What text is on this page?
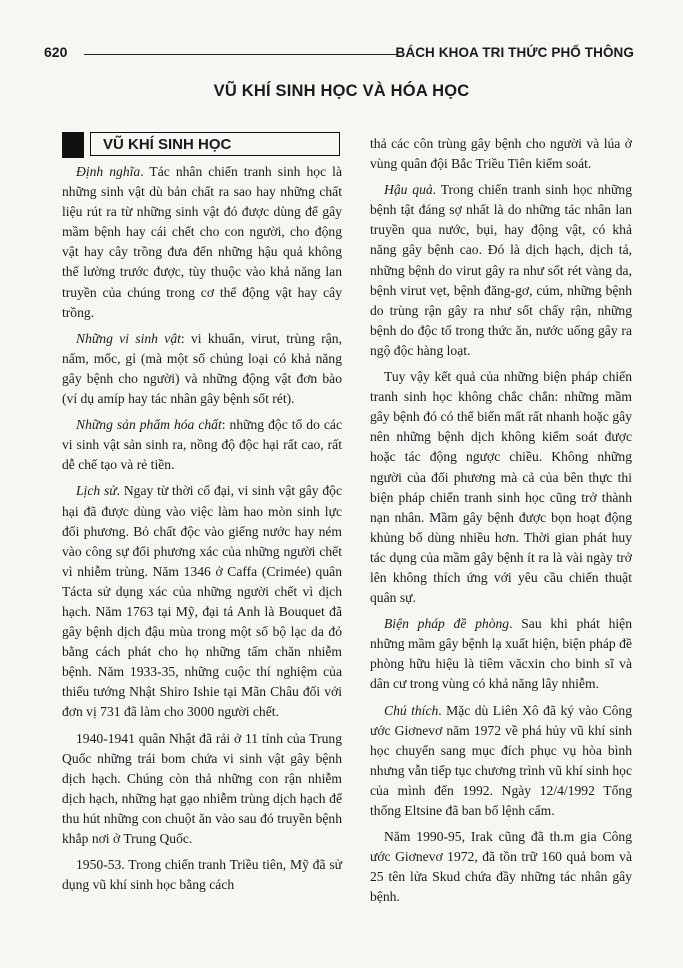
620	BÁCH KHOA TRI THỨC PHỔ THÔNG
VŨ KHÍ SINH HỌC VÀ HÓA HỌC
VŨ KHÍ SINH HỌC

Định nghĩa. Tác nhân chiến tranh sinh học là những sinh vật dù bản chất ra sao hay những chất liệu rút ra từ những sinh vật đó được dùng để gây mầm bệnh hay cái chết cho con người, cho động vật hay cây trồng đưa đến những hậu quả không thể lường trước được, tùy thuộc vào khả năng lan truyền của chúng trong cơ thể động vật hay cây trồng.

Những vi sinh vật: vi khuẩn, virut, trùng rận, nấm, mốc, gỉ (mà một số chủng loại có khả năng gây bệnh cho người) và những động vật đơn bào (ví dụ amíp hay tác nhân gây bệnh sốt rét).

Những sản phẩm hóa chất: những độc tố do các vi sinh vật sản sinh ra, nồng độ độc hại rất cao, rất dễ chế tạo và rẻ tiền.

Lịch sử. Ngay từ thời cổ đại, vi sinh vật gây độc hại đã được dùng vào việc làm hao mòn sinh lực đối phương. Bỏ chất độc vào giếng nước hay ném vào công sự đối phương xác của những người chết vì nhiễm trùng. Năm 1346 ở Caffa (Crimée) quân Tácta sử dụng xác của những người chết vì dịch hạch. Năm 1763 tại Mỹ, đại tá Anh là Bouquet đã gây bệnh dịch đậu mùa trong một số bộ lạc da đỏ bằng cách phát cho họ những tấm chăn nhiễm bệnh. Năm 1933-35, những cuộc thí nghiệm của thiếu tướng Nhật Shiro Ishie tại Mãn Châu đối với đơn vị 731 đã làm cho 3000 người chết.

1940-1941 quân Nhật đã rải ở 11 tỉnh của Trung Quốc những trái bom chứa vi sinh vật gây bệnh dịch hạch. Chúng còn thả những con rận nhiễm dịch hạch, những hạt gạo nhiễm trùng dịch hạch để thu hút những con chuột ăn vào sau đó truyền bệnh khắp nơi ở Trung Quốc.

1950-53. Trong chiến tranh Triều tiên, Mỹ đã sử dụng vũ khí sinh học bằng cách

thả các côn trùng gây bệnh cho người và lúa ở vùng quân đội Bắc Triều Tiên kiểm soát.

Hậu quả. Trong chiến tranh sinh học những bệnh tật đáng sợ nhất là do những tác nhân lan truyền qua nước, bụi, hay động vật, có khả năng gây bệnh cao. Đó là dịch hạch, dịch tả, những bệnh do virut gây ra như sốt rét vàng da, bệnh virut vẹt, bệnh đăng-gơ, cúm, những bệnh do trùng rận gây ra như sốt chấy rận, những bệnh do độc tố trong thức ăn, nước uống gây ra ngộ độc hàng loạt.

Tuy vậy kết quả của những biện pháp chiến tranh sinh học không chắc chắn: những mầm gây bệnh đó có thể biến mất rất nhanh hoặc gây nên những bệnh dịch không kiểm soát được hoặc tác động ngược chiều. Không những người của đối phương mà cả của bên thực thi biện pháp chiến tranh sinh học cũng trở thành nạn nhân. Mầm gây bệnh được bọn hoạt động khủng bố dùng nhiều hơn. Thời gian phát huy tác dụng của mầm gây bệnh ít ra là vài ngày trở lên không thích ứng với yêu cầu chiến thuật quân sự.

Biện pháp đề phòng. Sau khi phát hiện những mầm gây bệnh lạ xuất hiện, biện pháp đề phòng hữu hiệu là tiêm văcxin cho binh sĩ và dân cư trong vùng có khả năng lây nhiễm.

Chú thích. Mặc dù Liên Xô đã ký vào Công ước Giơnevơ năm 1972 về phá hủy vũ khí sinh học chuyển sang mục đích phục vụ hòa bình nhưng vẫn tiếp tục chương trình vũ khí sinh học của mình đến 1992. Ngày 12/4/1992 Tổng thống Eltsine đã ban bố lệnh cấm.

Năm 1990-95, Irak cũng đã th.m gia Công ước Giơnevơ 1972, đã tồn trữ 160 quả bom và 25 tên lửa Skud chứa đầy những tác nhân gây bệnh.
